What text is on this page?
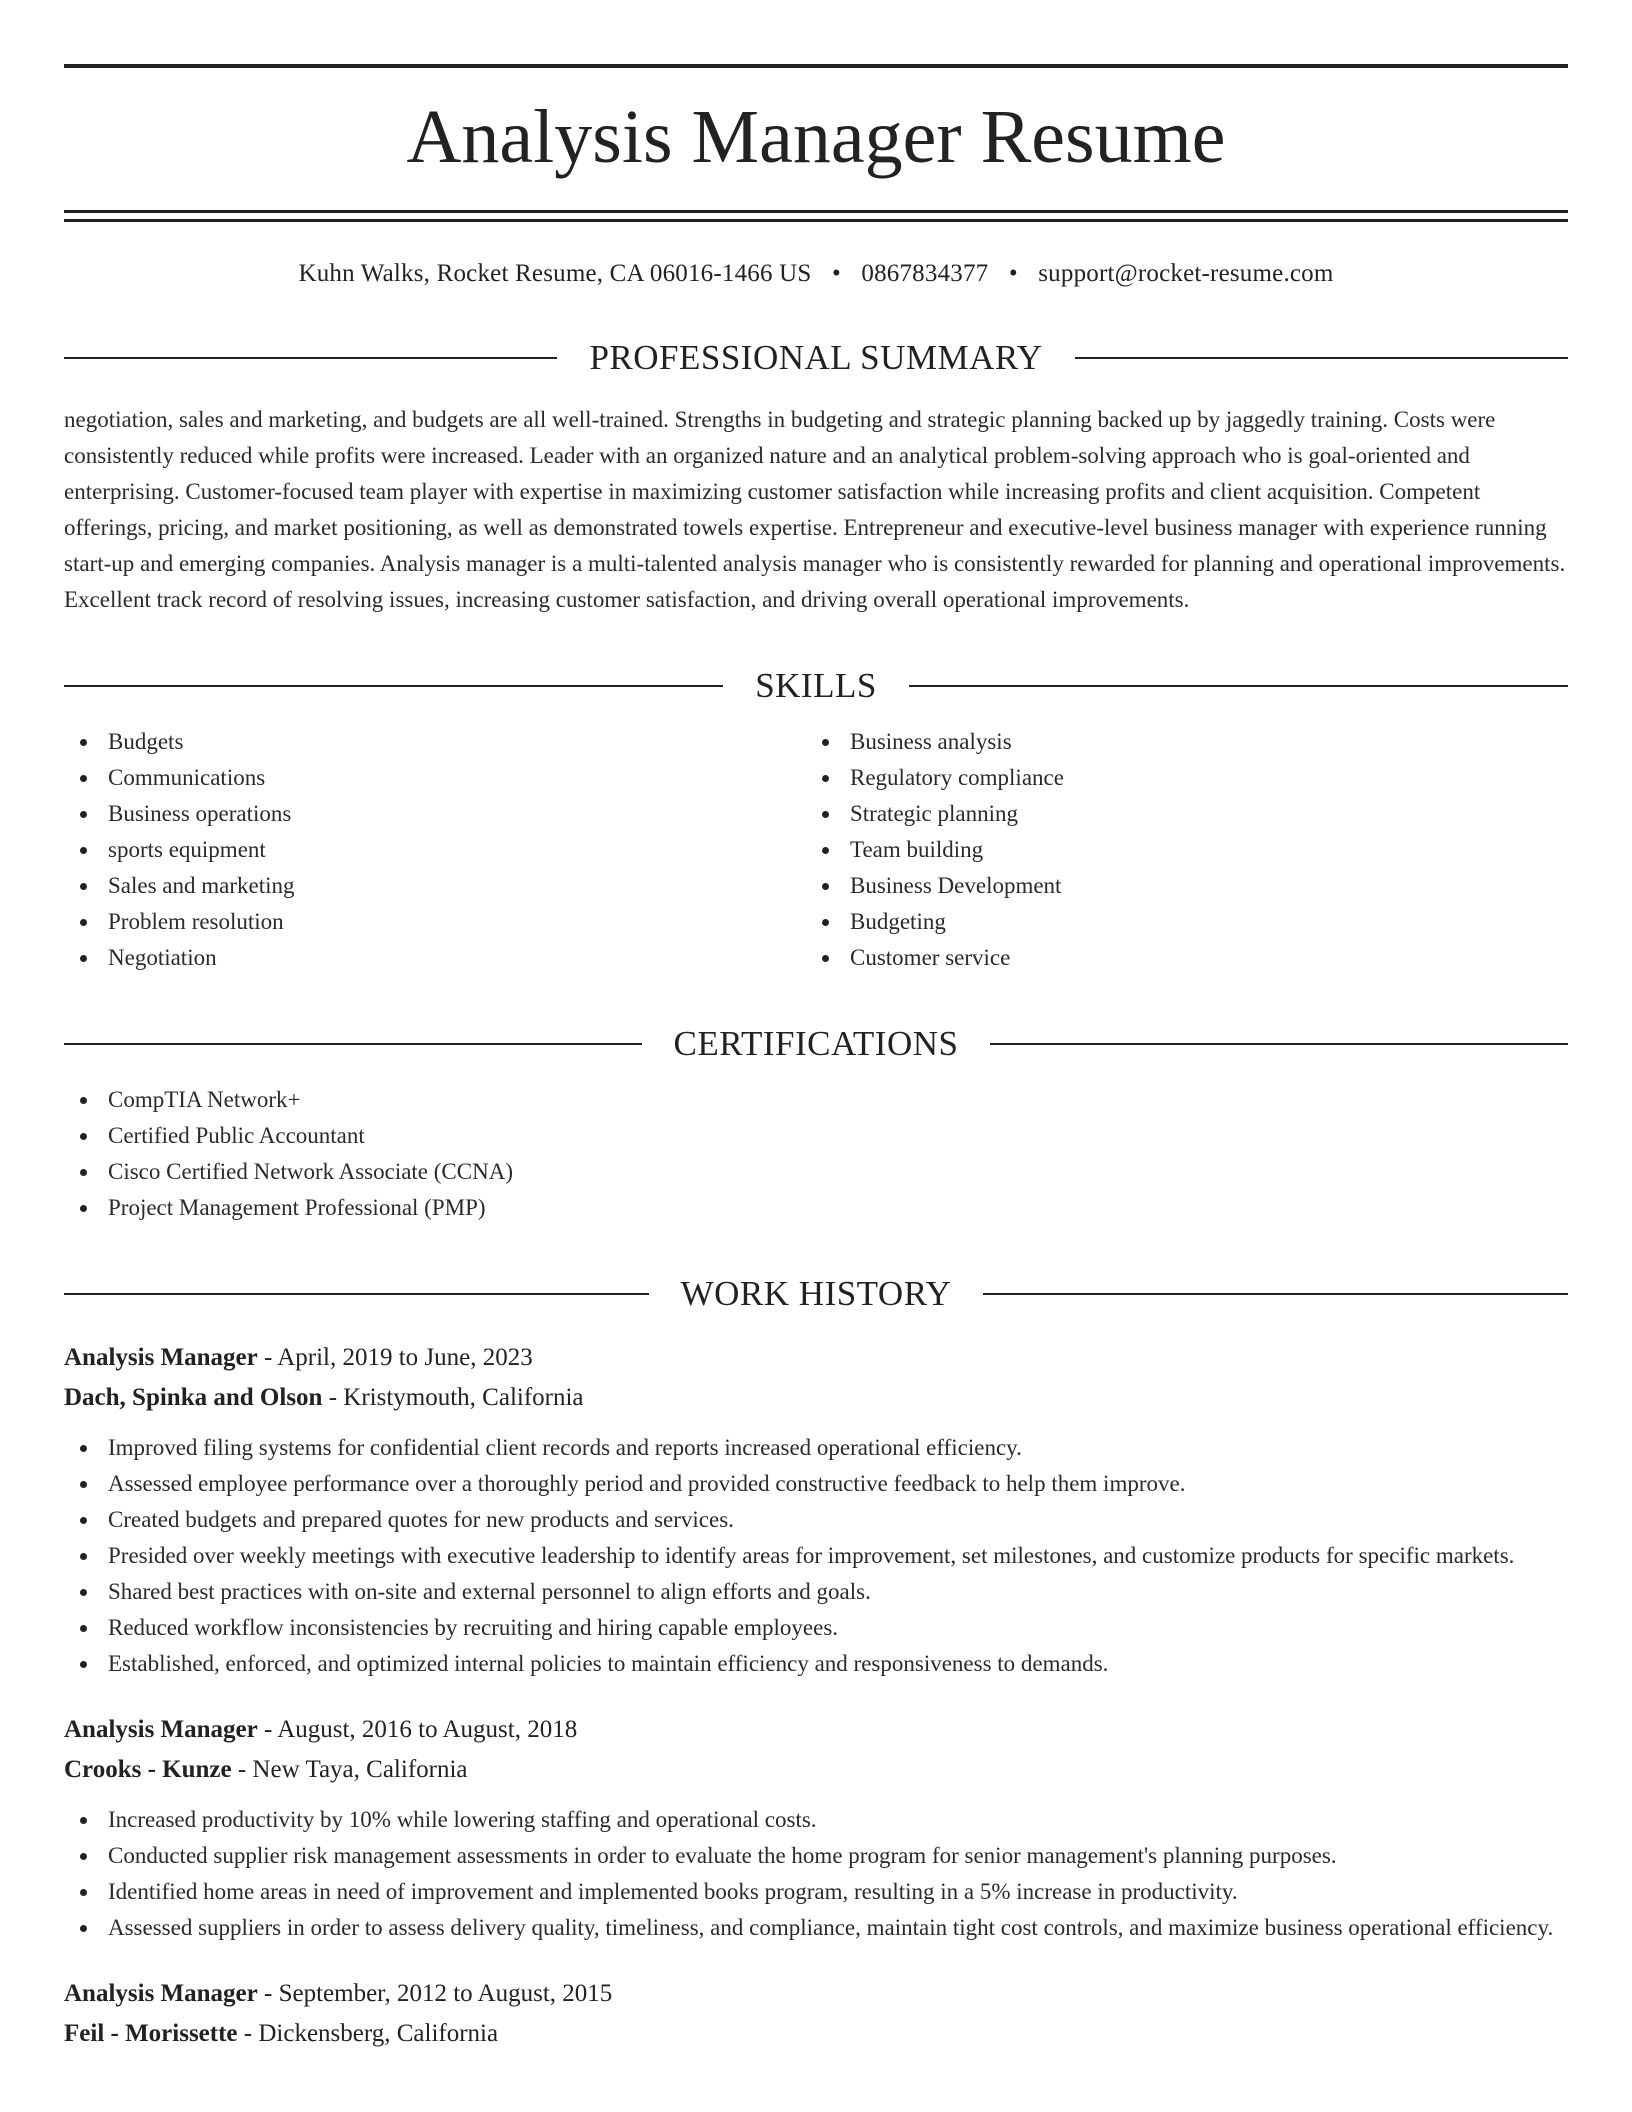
Analysis Manager Resume
Kuhn Walks, Rocket Resume, CA 06016-1466 US • 0867834377 • support@rocket-resume.com
PROFESSIONAL SUMMARY
negotiation, sales and marketing, and budgets are all well-trained. Strengths in budgeting and strategic planning backed up by jaggedly training. Costs were consistently reduced while profits were increased. Leader with an organized nature and an analytical problem-solving approach who is goal-oriented and enterprising. Customer-focused team player with expertise in maximizing customer satisfaction while increasing profits and client acquisition. Competent offerings, pricing, and market positioning, as well as demonstrated towels expertise. Entrepreneur and executive-level business manager with experience running start-up and emerging companies. Analysis manager is a multi-talented analysis manager who is consistently rewarded for planning and operational improvements. Excellent track record of resolving issues, increasing customer satisfaction, and driving overall operational improvements.
SKILLS
Budgets
Communications
Business operations
sports equipment
Sales and marketing
Problem resolution
Negotiation
Business analysis
Regulatory compliance
Strategic planning
Team building
Business Development
Budgeting
Customer service
CERTIFICATIONS
CompTIA Network+
Certified Public Accountant
Cisco Certified Network Associate (CCNA)
Project Management Professional (PMP)
WORK HISTORY
Analysis Manager - April, 2019 to June, 2023
Dach, Spinka and Olson - Kristymouth, California
Improved filing systems for confidential client records and reports increased operational efficiency.
Assessed employee performance over a thoroughly period and provided constructive feedback to help them improve.
Created budgets and prepared quotes for new products and services.
Presided over weekly meetings with executive leadership to identify areas for improvement, set milestones, and customize products for specific markets.
Shared best practices with on-site and external personnel to align efforts and goals.
Reduced workflow inconsistencies by recruiting and hiring capable employees.
Established, enforced, and optimized internal policies to maintain efficiency and responsiveness to demands.
Analysis Manager - August, 2016 to August, 2018
Crooks - Kunze - New Taya, California
Increased productivity by 10% while lowering staffing and operational costs.
Conducted supplier risk management assessments in order to evaluate the home program for senior management's planning purposes.
Identified home areas in need of improvement and implemented books program, resulting in a 5% increase in productivity.
Assessed suppliers in order to assess delivery quality, timeliness, and compliance, maintain tight cost controls, and maximize business operational efficiency.
Analysis Manager - September, 2012 to August, 2015
Feil - Morissette - Dickensberg, California
